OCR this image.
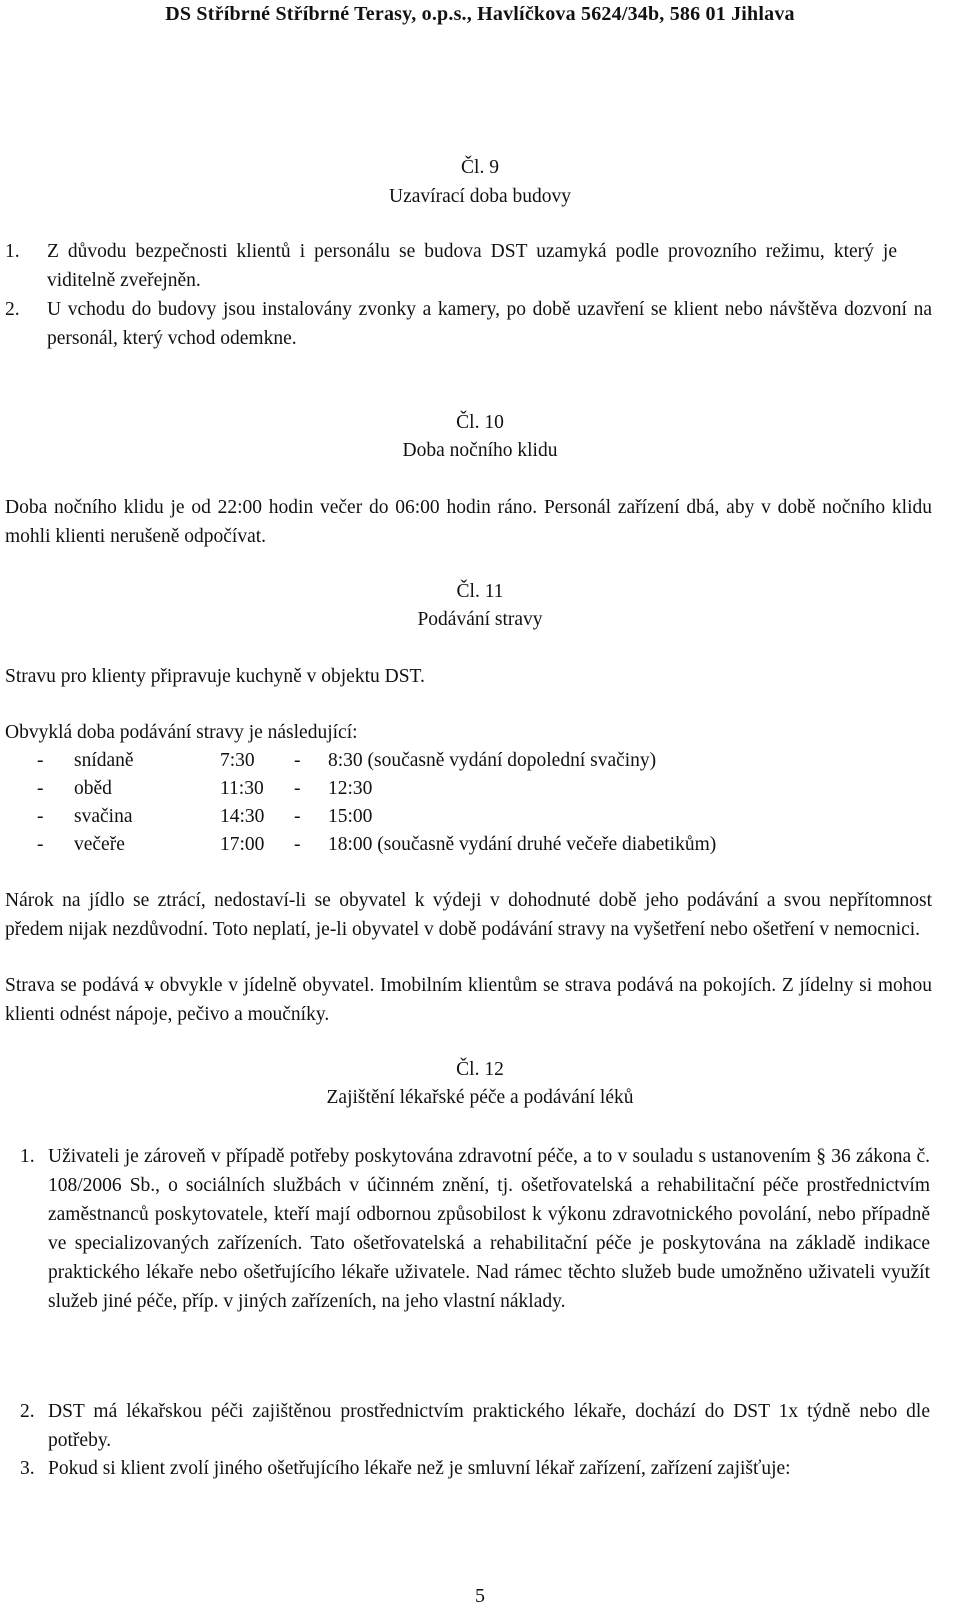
DS Stříbrné Stříbrné Terasy, o.p.s., Havlíčkova 5624/34b, 586 01 Jihlava
Čl. 9
Uzavírací doba budovy
1. Z důvodu bezpečnosti klientů i personálu se budova DST uzamyká podle provozního režimu, který je viditelně zveřejněn.
2. U vchodu do budovy jsou instalovány zvonky a kamery, po době uzavření se klient nebo návštěva dozvoní na personál, který vchod odemkne.
Čl. 10
Doba nočního klidu
Doba nočního klidu je od 22:00 hodin večer do 06:00 hodin ráno. Personál zařízení dbá, aby v době nočního klidu mohli klienti nerušeně odpočívat.
Čl. 11
Podávání stravy
Stravu pro klienty připravuje kuchyně v objektu DST.
Obvyklá doba podávání stravy je následující:
- snídaně	7:30 - 8:30 (současně vydání dopolední svačiny)
- oběd	11:30 - 12:30
- svačina	14:30 - 15:00
- večeře	17:00 - 18:00 (současně vydání druhé večeře diabetikům)
Nárok na jídlo se ztrácí, nedostaví-li se obyvatel k výdeji v dohodnuté době jeho podávání a svou nepřítomnost předem nijak nezdůvodní. Toto neplatí, je-li obyvatel v době podávání stravy na vyšetření nebo ošetření v nemocnici.
Strava se podává v obvykle v jídelně obyvatel. Imobilním klientům se strava podává na pokojích. Z jídelny si mohou klienti odnést nápoje, pečivo a moučníky.
Čl. 12
Zajištění lékařské péče a podávání léků
1. Uživateli je zároveň v případě potřeby poskytována zdravotní péče, a to v souladu s ustanovením § 36 zákona č. 108/2006 Sb., o sociálních službách v účinném znění, tj. ošetřovatelská a rehabilitační péče prostřednictvím zaměstnanců poskytovatele, kteří mají odbornou způsobilost k výkonu zdravotnického povolání, nebo případně ve specializovaných zařízeních. Tato ošetřovatelská a rehabilitační péče je poskytována na základě indikace praktického lékaře nebo ošetřujícího lékaře uživatele. Nad rámec těchto služeb bude umožněno uživateli využít služeb jiné péče, příp. v jiných zařízeních, na jeho vlastní náklady.
2. DST má lékařskou péči zajištěnou prostřednictvím praktického lékaře, dochází do DST 1x týdně nebo dle potřeby.
3. Pokud si klient zvolí jiného ošetřujícího lékaře než je smluvní lékař zařízení, zařízení zajišťuje:
5
